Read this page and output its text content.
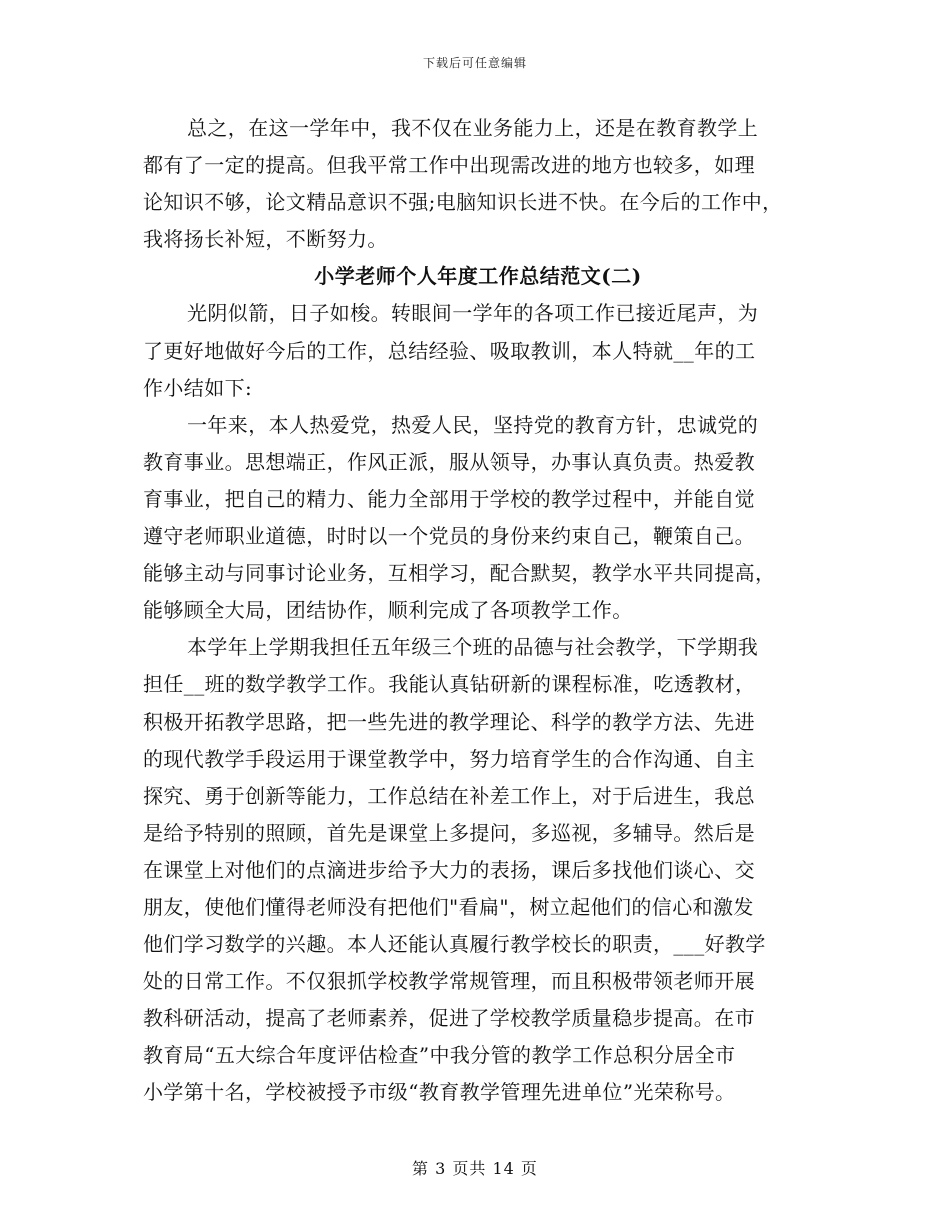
下载后可任意编辑
总之，在这一学年中，我不仅在业务能力上，还是在教育教学上
都有了一定的提高。但我平常工作中出现需改进的地方也较多，如理
论知识不够，论文精品意识不强;电脑知识长进不快。在今后的工作中，
我将扬长补短，不断努力。
小学老师个人年度工作总结范文(二)
光阴似箭，日子如梭。转眼间一学年的各项工作已接近尾声，为
了更好地做好今后的工作，总结经验、吸取教训，本人特就__年的工
作小结如下:
一年来，本人热爱党，热爱人民，坚持党的教育方针，忠诚党的
教育事业。思想端正，作风正派，服从领导，办事认真负责。热爱教
育事业，把自己的精力、能力全部用于学校的教学过程中，并能自觉
遵守老师职业道德，时时以一个党员的身份来约束自己，鞭策自己。
能够主动与同事讨论业务，互相学习，配合默契，教学水平共同提高，
能够顾全大局，团结协作，顺利完成了各项教学工作。
本学年上学期我担任五年级三个班的品德与社会教学，下学期我
担任__班的数学教学工作。我能认真钻研新的课程标准，吃透教材，
积极开拓教学思路，把一些先进的教学理论、科学的教学方法、先进
的现代教学手段运用于课堂教学中，努力培育学生的合作沟通、自主
探究、勇于创新等能力，工作总结在补差工作上，对于后进生，我总
是给予特别的照顾，首先是课堂上多提问，多巡视，多辅导。然后是
在课堂上对他们的点滴进步给予大力的表扬，课后多找他们谈心、交
朋友，使他们懂得老师没有把他们"看扁"，树立起他们的信心和激发
他们学习数学的兴趣。本人还能认真履行教学校长的职责，___好教学
处的日常工作。不仅狠抓学校教学常规管理，而且积极带领老师开展
教科研活动，提高了老师素养，促进了学校教学质量稳步提高。在市
教育局“五大综合年度评估检查”中我分管的教学工作总积分居全市
小学第十名，学校被授予市级“教育教学管理先进单位”光荣称号。
第 3 页共 14 页
